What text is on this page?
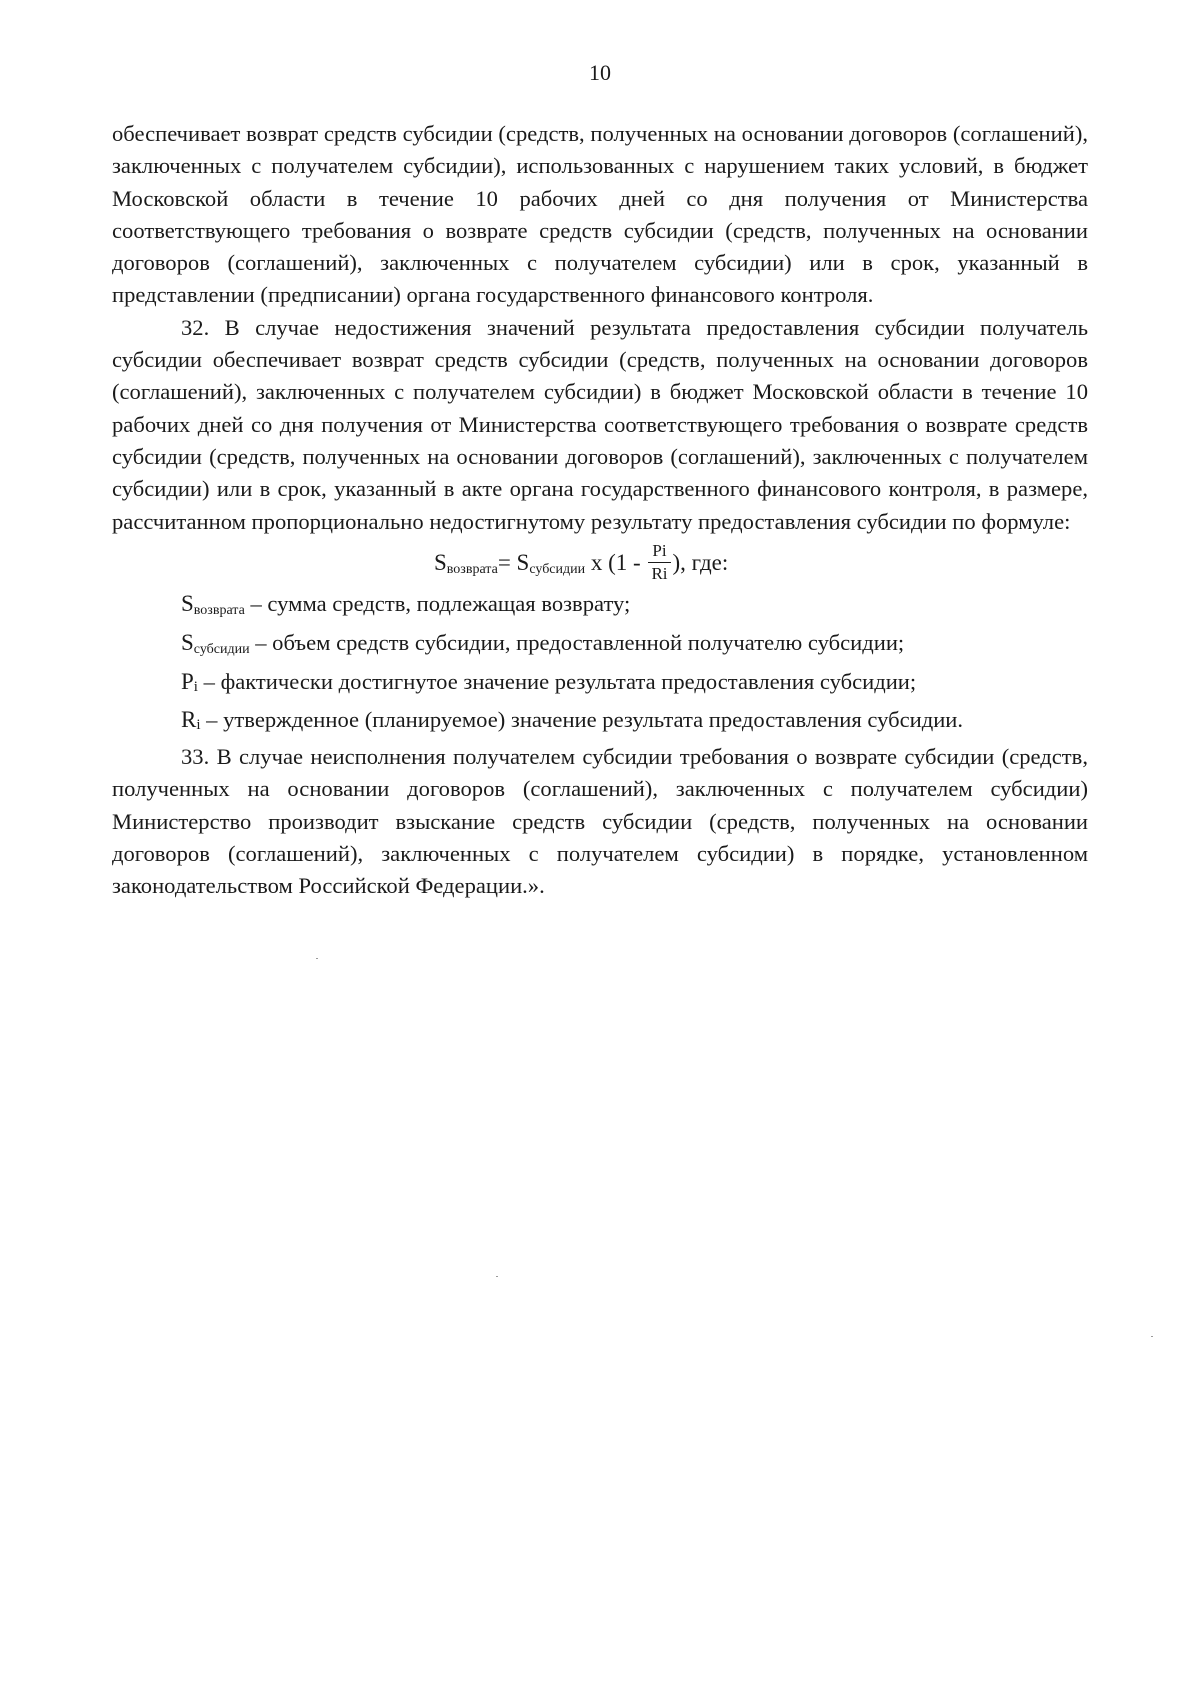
10

обеспечивает возврат средств субсидии (средств, полученных на основании договоров (соглашений), заключенных с получателем субсидии), использованных с нарушением таких условий, в бюджет Московской области в течение 10 рабочих дней со дня получения от Министерства соответствующего требования о возврате средств субсидии (средств, полученных на основании договоров (соглашений), заключенных с получателем субсидии) или в срок, указанный в представлении (предписании) органа государственного финансового контроля.

32. В случае недостижения значений результата предоставления субсидии получатель субсидии обеспечивает возврат средств субсидии (средств, полученных на основании договоров (соглашений), заключенных с получателем субсидии) в бюджет Московской области в течение 10 рабочих дней со дня получения от Министерства соответствующего требования о возврате средств субсидии (средств, полученных на основании договоров (соглашений), заключенных с получателем субсидии) или в срок, указанный в акте органа государственного финансового контроля, в размере, рассчитанном пропорционально недостигнутому результату предоставления субсидии по формуле:

$S_{возврата}= S_{субсидии}$ x ($1 - \frac{Pi}{Ri}$ ), где:

$S_{возврата}$ – сумма средств, подлежащая возврату;

$S_{субсидии}$ – объем средств субсидии, предоставленной получателю субсидии;

Pi – фактически достигнутое значение результата предоставления субсидии;

Ri – утвержденное (планируемое) значение результата предоставления субсидии.

33. В случае неисполнения получателем субсидии требования о возврате субсидии (средств, полученных на основании договоров (соглашений), заключенных с получателем субсидии) Министерство производит взыскание средств субсидии (средств, полученных на основании договоров (соглашений), заключенных с получателем субсидии) в порядке, установленном законодательством Российской Федерации.».
